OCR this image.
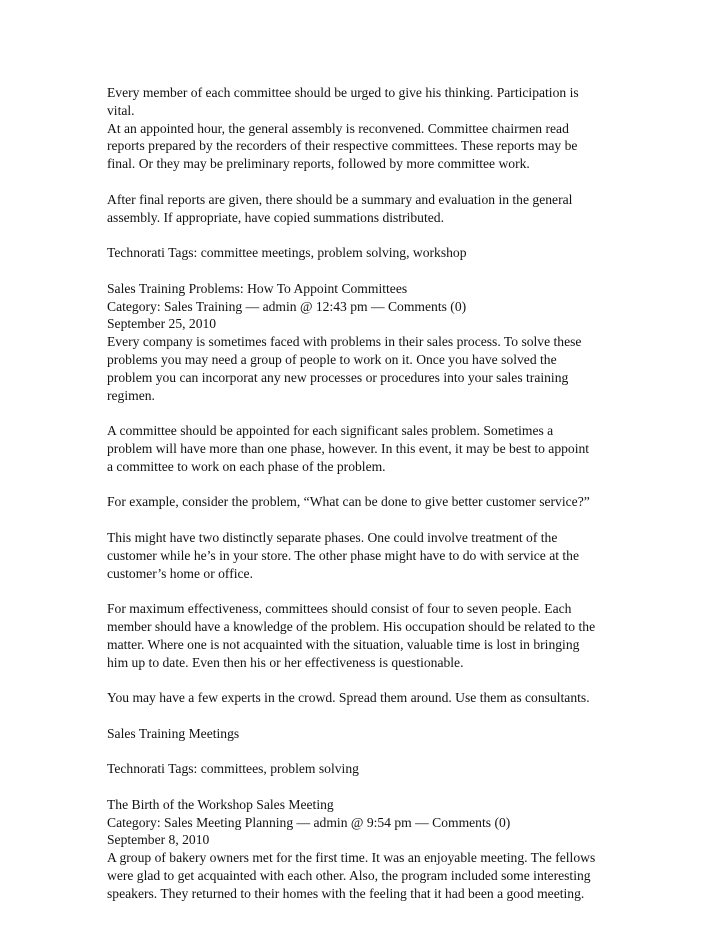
Every member of each committee should be urged to give his thinking. Participation is
vital.
At an appointed hour, the general assembly is reconvened. Committee chairmen read
reports prepared by the recorders of their respective committees. These reports may be
final. Or they may be preliminary reports, followed by more committee work.
After final reports are given, there should be a summary and evaluation in the general
assembly. If appropriate, have copied summations distributed.
Technorati Tags: committee meetings, problem solving, workshop
Sales Training Problems: How To Appoint Committees
Category: Sales Training — admin @ 12:43 pm — Comments (0)
September 25, 2010
Every company is sometimes faced with problems in their sales process. To solve these
problems you may need a group of people to work on it. Once you have solved the
problem you can incorporat any new processes or procedures into your sales training
regimen.
A committee should be appointed for each significant sales problem. Sometimes a
problem will have more than one phase, however. In this event, it may be best to appoint
a committee to work on each phase of the problem.
For example, consider the problem, “What can be done to give better customer service?”
This might have two distinctly separate phases. One could involve treatment of the
customer while he’s in your store. The other phase might have to do with service at the
customer’s home or office.
For maximum effectiveness, committees should consist of four to seven people. Each
member should have a knowledge of the problem. His occupation should be related to the
matter. Where one is not acquainted with the situation, valuable time is lost in bringing
him up to date. Even then his or her effectiveness is questionable.
You may have a few experts in the crowd. Spread them around. Use them as consultants.
Sales Training Meetings
Technorati Tags: committees, problem solving
The Birth of the Workshop Sales Meeting
Category: Sales Meeting Planning — admin @ 9:54 pm — Comments (0)
September 8, 2010
A group of bakery owners met for the first time. It was an enjoyable meeting. The fellows
were glad to get acquainted with each other. Also, the program included some interesting
speakers. They returned to their homes with the feeling that it had been a good meeting.
